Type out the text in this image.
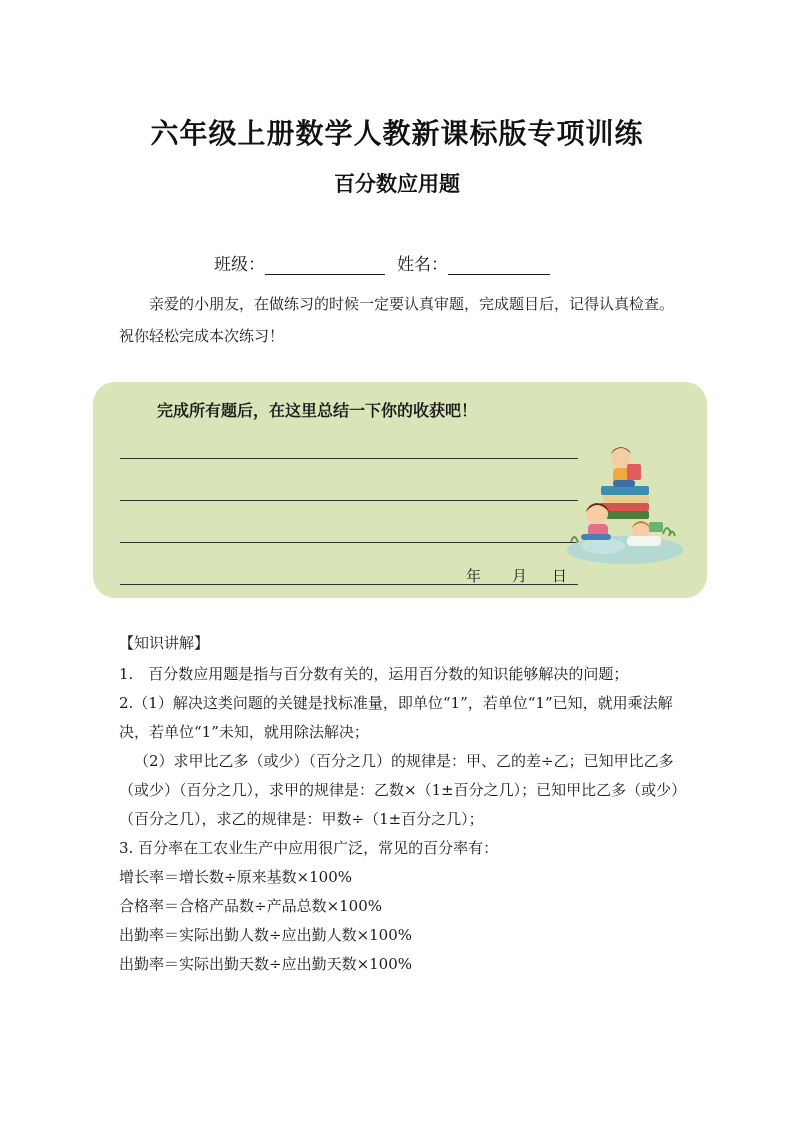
六年级上册数学人教新课标版专项训练
百分数应用题
班级：	姓名：
亲爱的小朋友，在做练习的时候一定要认真审题，完成题目后，记得认真检查。祝你轻松完成本次练习！
完成所有题后，在这里总结一下你的收获吧！
年 月 日
【知识讲解】

1.　百分数应用题是指与百分数有关的，运用百分数的知识能够解决的问题；

2.（1）解决这类问题的关键是找标准量，即单位“1”，若单位“1”已知，就用乘法解决，若单位“1”未知，就用除法解决；

（2）求甲比乙多（或少）（百分之几）的规律是：甲、乙的差÷乙；已知甲比乙多（或少）（百分之几），求甲的规律是：乙数×（1±百分之几）；已知甲比乙多（或少）（百分之几），求乙的规律是：甲数÷（1±百分之几）；

3. 百分率在工农业生产中应用很广泛，常见的百分率有：

增长率＝增长数÷原来基数×100%

合格率＝合格产品数÷产品总数×100%

出勤率＝实际出勤人数÷应出勤人数×100%

出勤率＝实际出勤天数÷应出勤天数×100%
